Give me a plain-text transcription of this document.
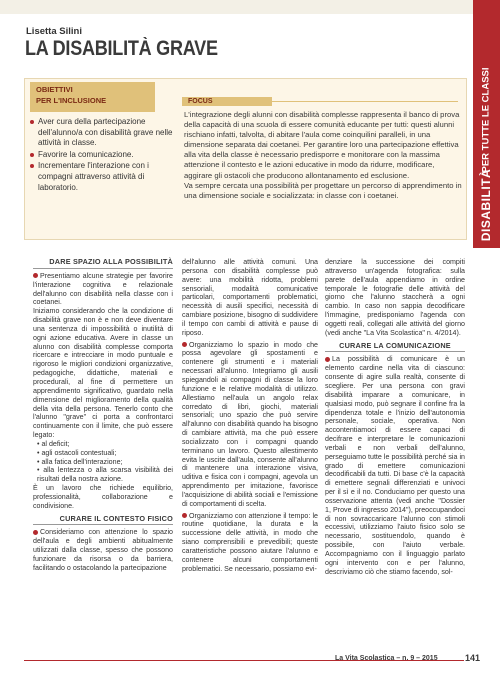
Lisetta Silini
LA DISABILITÀ GRAVE
PER TUTTE LE CLASSI
DISABILITÀ
OBIETTIVI
PER L'INCLUSIONE
Aver cura della partecipazione dell'alunno/a con disabilità grave nelle attività in classe.
Favorire la comunicazione.
Incrementare l'interazione con i compagni attraverso attività di laboratorio.
FOCUS

L'integrazione degli alunni con disabilità complesse rappresenta il banco di prova della capacità di una scuola di essere comunità educante per tutti: questi alunni rischiano infatti, talvolta, di abitare l'aula come coinquilini paralleli, in una dimensione separata dai coetanei. Per garantire loro una partecipazione effettiva alla vita della classe è necessario predisporre e monitorare con la massima attenzione il contesto e le azioni educative in modo da ridurre, modificare, aggirare gli ostacoli che producono allontanamento ed esclusione.

Va sempre cercata una possibilità per progettare un percorso di apprendimento in una dimensione sociale e socializzata: in classe con i coetanei.

DARE SPAZIO ALLA POSSIBILITÀ

Presentiamo alcune strategie per favorire l'interazione cognitiva e relazionale dell'alunno con disabilità nella classe con i coetanei.

Iniziamo considerando che la condizione di disabilità grave non è e non deve diventare una sentenza di impossibilità o inutilità di ogni azione educativa. Avere in classe un alunno con disabilità complesse comporta ricercare e intrecciare in modo puntuale e rigoroso le migliori condizioni organizzative, pedagogiche, didattiche, materiali e procedurali, al fine di permettere un apprendimento significativo, guardato nella dimensione del miglioramento della qualità della vita della persona. Tenerlo conto che l'alunno "grave" ci porta a confrontarci continuamente con il limite, che può essere legato:

• al deficit;
• agli ostacoli contestuali;
• alla fatica dell'interazione;
• alla lentezza o alla scarsa visibilità dei risultati della nostra azione.

È un lavoro che richiede equilibrio, professionalità, collaborazione e condivisione.

CURARE IL CONTESTO FISICO

Consideriamo con attenzione lo spazio dell'aula e degli ambienti abitualmente utilizzati dalla classe, spesso che possono funzionare da risorsa o da barriera, facilitando o ostacolando la partecipazione

dell'alunno alle attività comuni. Una persona con disabilità complesse può avere: una mobilità ridotta, problemi sensoriali, modalità comunicative particolari, comportamenti problematici, necessità di ausili specifici, necessità di cambiare posizione, bisogno di suddividere il tempo con cambi di attività e pause di riposo.

Organizziamo lo spazio in modo che possa agevolare gli spostamenti e contenere gli strumenti e i materiali necessari all'alunno. Integriamo gli ausili spiegandoli ai compagni di classe la loro funzione e le relative modalità di utilizzo. Allestiamo nell'aula un angolo relax corredato di libri, giochi, materiali sensoriali; uno spazio che può servire all'alunno con disabilità quando ha bisogno di cambiare attività, ma che può essere socializzato con i compagni quando terminano un lavoro. Questo allestimento evita le uscite dall'aula, consente all'alunno di mantenere una interazione visiva, uditiva e fisica con i compagni, agevola un apprendimento per imitazione, favorisce l'acquisizione di abilità sociali e l'emissione di comportamenti di scelta.

Organizziamo con attenzione il tempo: le routine quotidiane, la durata e la successione delle attività, in modo che siano comprensibili e prevedibili; queste caratteristiche possono aiutare l'alunno e contenere alcuni comportamenti problematici. Se necessario, possiamo evi-

denziare la successione dei compiti attraverso un'agenda fotografica: sulla parete dell'aula appendiamo in ordine temporale le fotografie delle attività del giorno che l'alunno staccherà a ogni cambio. In caso non sappia decodificare l'immagine, predisponiamo l'agenda con oggetti reali, collegati alle attività del giorno (vedi anche "La Vita Scolastica" n. 4/2014).

CURARE LA COMUNICAZIONE

La possibilità di comunicare è un elemento cardine nella vita di ciascuno: consente di agire sulla realtà, consente di scegliere. Per una persona con gravi disabilità imparare a comunicare, in qualsiasi modo, può segnare il confine fra la dipendenza totale e l'inizio dell'autonomia personale, sociale, operativa. Non accontentiamoci di essere capaci di decifrare e interpretare le comunicazioni verbali e non verbali dell'alunno, perseguiamo tutte le possibilità perché sia in grado di emettere comunicazioni decodificabili da tutti. Di base c'è la capacità di emettere segnali differenziati e univoci per il sì e il no. Conduciamo per questo una osservazione attenta (vedi anche "Dossier 1, Prove di ingresso 2014"), preoccupandoci di non sovraccaricare l'alunno con stimoli eccessivi, utilizziamo l'aiuto fisico solo se necessario, sostituendolo, quando è possibile, con l'aiuto verbale. Accompagniamo con il linguaggio parlato ogni intervento con e per l'alunno, descriviamo ciò che stiamo facendo, sol-

La Vita Scolastica – n. 9 – 2015	141
